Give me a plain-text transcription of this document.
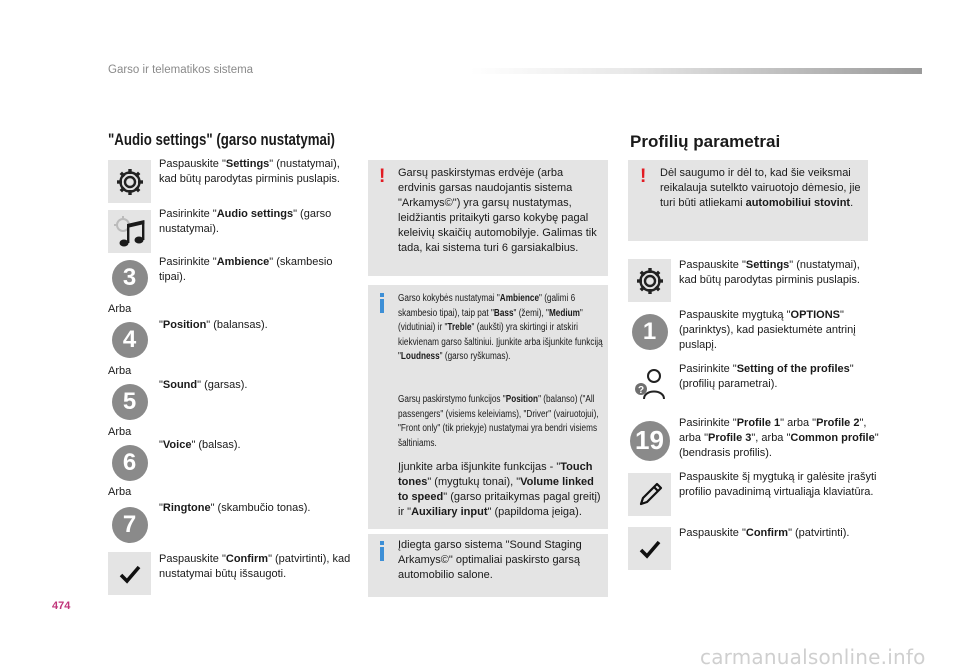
Garso ir telematikos sistema
"Audio settings" (garso nustatymai)
Paspauskite "Settings" (nustatymai), kad būtų parodytas pirminis puslapis.
Pasirinkite "Audio settings" (garso nustatymai).
3
Pasirinkite "Ambience" (skambesio tipai).
Arba
4
"Position" (balansas).
Arba
5
"Sound" (garsas).
Arba
6
"Voice" (balsas).
Arba
7
"Ringtone" (skambučio tonas).
Paspauskite "Confirm" (patvirtinti), kad nustatymai būtų išsaugoti.
! Garsų paskirstymas erdvėje (arba erdvinis garsas naudojantis sistema "Arkamys©") yra garsų nustatymas, leidžiantis pritaikyti garso kokybę pagal keleivių skaičių automobilyje. Galimas tik tada, kai sistema turi 6 garsiakalbius.
Garso kokybės nustatymai "Ambience" (galimi 6 skambesio tipai), taip pat "Bass" (žemi), "Medium" (vidutiniai) ir "Treble" (aukšti) yra skirtingi ir atskiri kiekvienam garso šaltiniui. Įjunkite arba išjunkite funkciją "Loudness" (garso ryškumas).
Garsų paskirstymo funkcijos "Position" (balanso) ("All passengers" (visiems keleiviams), "Driver" (vairuotojui), "Front only" (tik priekyje) nustatymai yra bendri visiems šaltiniams.
Įjunkite arba išjunkite funkcijas - "Touch tones" (mygtukų tonai), "Volume linked to speed" (garso pritaikymas pagal greitį) ir "Auxiliary input" (papildoma įeiga).
Įdiegta garso sistema "Sound Staging Arkamys©" optimaliai paskirsto garsą automobilio salone.
Profilių parametrai
! Dėl saugumo ir dėl to, kad šie veiksmai reikalauja sutelkto vairuotojo dėmesio, jie turi būti atliekami automobiliui stovint.
Paspauskite "Settings" (nustatymai), kad būtų parodytas pirminis puslapis.
1
Paspauskite mygtuką "OPTIONS" (parinktys), kad pasiektumėte antrinį puslapį.
?
Pasirinkite "Setting of the profiles" (profilių parametrai).
19
Pasirinkite "Profile 1" arba "Profile 2", arba "Profile 3", arba "Common profile" (bendrasis profilis).
Paspauskite šį mygtuką ir galėsite įrašyti profilio pavadinimą virtualiąja klaviatūra.
Paspauskite "Confirm" (patvirtinti).
474
carmanualsonline.info
